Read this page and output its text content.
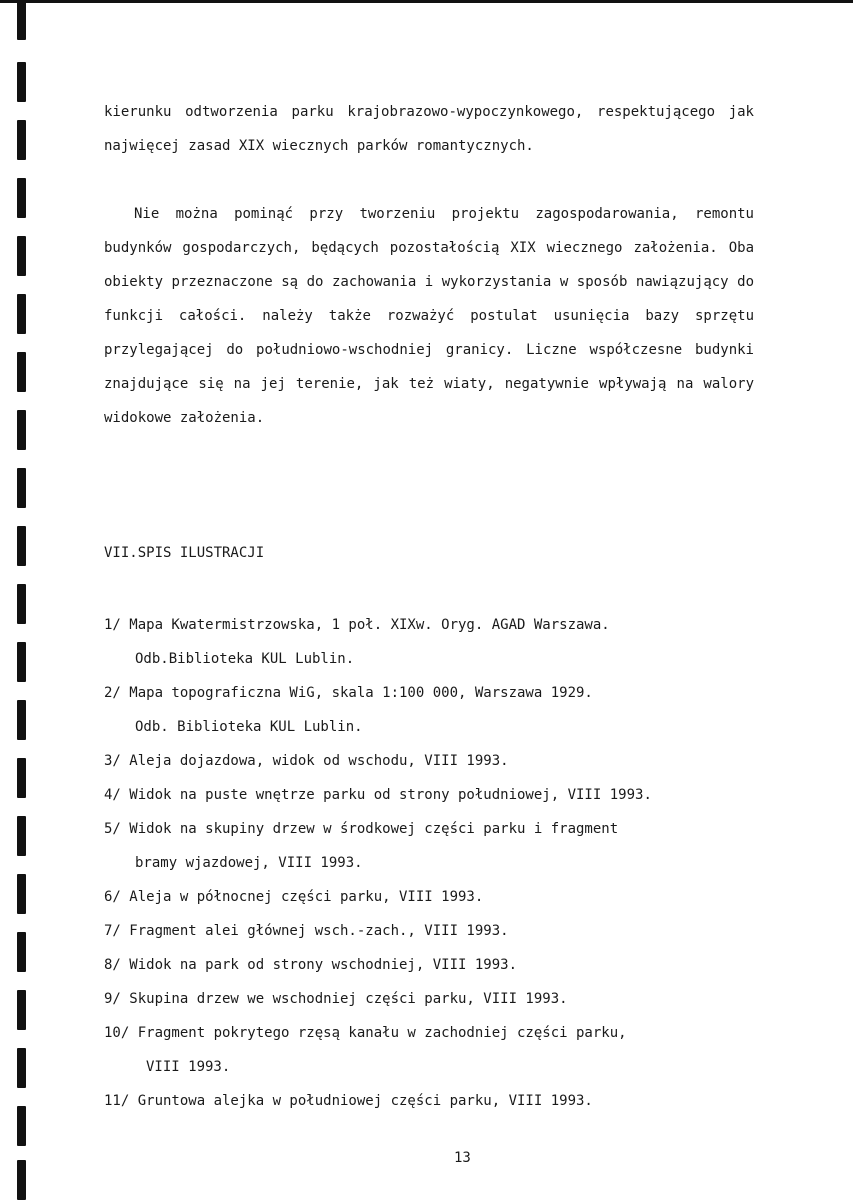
kierunku odtworzenia parku krajobrazowo-wypoczynkowego, respektującego jak najwięcej zasad XIX wiecznych parków romantycznych.

Nie można pominąć przy tworzeniu projektu zagospodarowania, remontu budynków gospodarczych, będących pozostałością XIX wiecznego założenia. Oba obiekty przeznaczone są do zachowania i wykorzystania w sposób nawiązujący do funkcji całości. należy także rozważyć postulat usunięcia bazy sprzętu przylegającej do południowo-wschodniej granicy. Liczne współczesne budynki znajdujące się na jej terenie, jak też wiaty, negatywnie wpływają na walory widokowe założenia.

VII.SPIS ILUSTRACJI
1/ Mapa Kwatermistrzowska, 1 poł. XIXw. Oryg. AGAD Warszawa.
Odb.Biblioteka KUL Lublin.
2/ Mapa topograficzna WiG, skala 1:100 000, Warszawa 1929.
Odb. Biblioteka KUL Lublin.
3/ Aleja dojazdowa, widok od wschodu, VIII 1993.
4/ Widok na puste wnętrze parku od strony południowej, VIII 1993.
5/ Widok na skupiny drzew w środkowej części parku i fragment
bramy wjazdowej, VIII 1993.
6/ Aleja w północnej części parku, VIII 1993.
7/ Fragment alei głównej wsch.-zach., VIII 1993.
8/ Widok na park od strony wschodniej, VIII 1993.
9/ Skupina drzew we wschodniej części parku, VIII 1993.
10/ Fragment pokrytego rzęsą kanału w zachodniej części parku,
VIII 1993.
11/ Gruntowa alejka w południowej części parku, VIII 1993.
13
